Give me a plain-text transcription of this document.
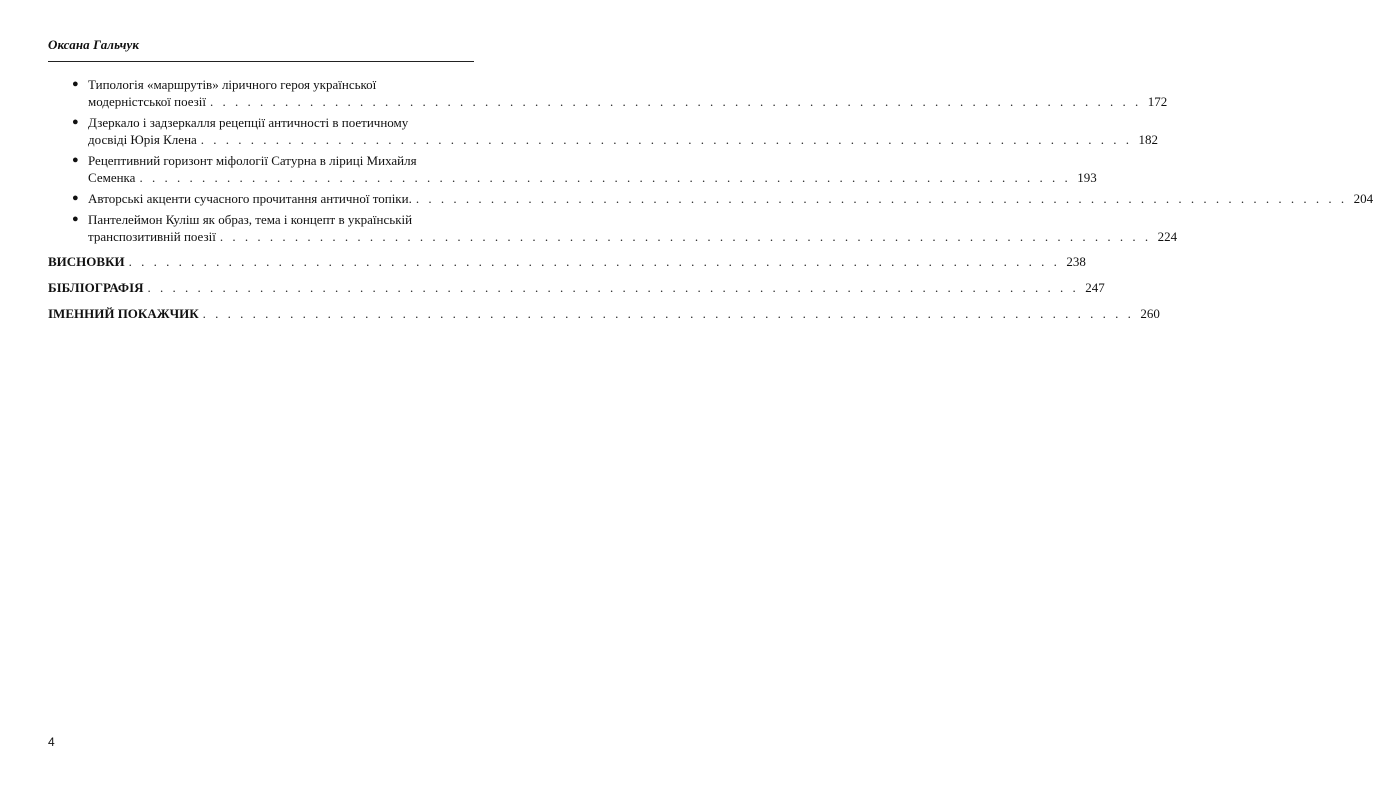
Оксана Гальчук
● Типологія «маршрутів» ліричного героя української
модерністської поезії . . . . . . . . . . . . . . . . . . . . . . . . . . . . . . . . . . . . . . . . . . . . . . . . . . . . . . . . . . . . . . . . . . . . . . . . . . . 172
● Дзеркало і задзеркалля рецепції античності в поетичному
досвіді Юрія Клена . . . . . . . . . . . . . . . . . . . . . . . . . . . . . . . . . . . . . . . . . . . . . . . . . . . . . . . . . . . . . . . . . . . . . . . . . . . 182
● Рецептивний горизонт міфології Сатурна в ліриці Михайля
Семенка . . . . . . . . . . . . . . . . . . . . . . . . . . . . . . . . . . . . . . . . . . . . . . . . . . . . . . . . . . . . . . . . . . . . . . . . . . . 193
● Авторські акценти сучасного прочитання античної топіки. . . . . . . . . . . . . . . . . . . . . . . . . . . . . . . . . . . . . . . . . . . . . . . . . . . . . . . . . . . . . . . . . . . . . . . . . . . . 204
● Пантелеймон Куліш як образ, тема і концепт в українській
транспозитивній поезії . . . . . . . . . . . . . . . . . . . . . . . . . . . . . . . . . . . . . . . . . . . . . . . . . . . . . . . . . . . . . . . . . . . . . . . . . . . 224
ВИСНОВКИ . . . . . . . . . . . . . . . . . . . . . . . . . . . . . . . . . . . . . . . . . . . . . . . . . . . . . . . . . . . . . . . . . . . . . . . . . . . 238
БІБЛІОГРАФІЯ . . . . . . . . . . . . . . . . . . . . . . . . . . . . . . . . . . . . . . . . . . . . . . . . . . . . . . . . . . . . . . . . . . . . . . . . . . . 247
ІМЕННИЙ ПОКАЖЧИК . . . . . . . . . . . . . . . . . . . . . . . . . . . . . . . . . . . . . . . . . . . . . . . . . . . . . . . . . . . . . . . . . . . . . . . . . . . 260
4
